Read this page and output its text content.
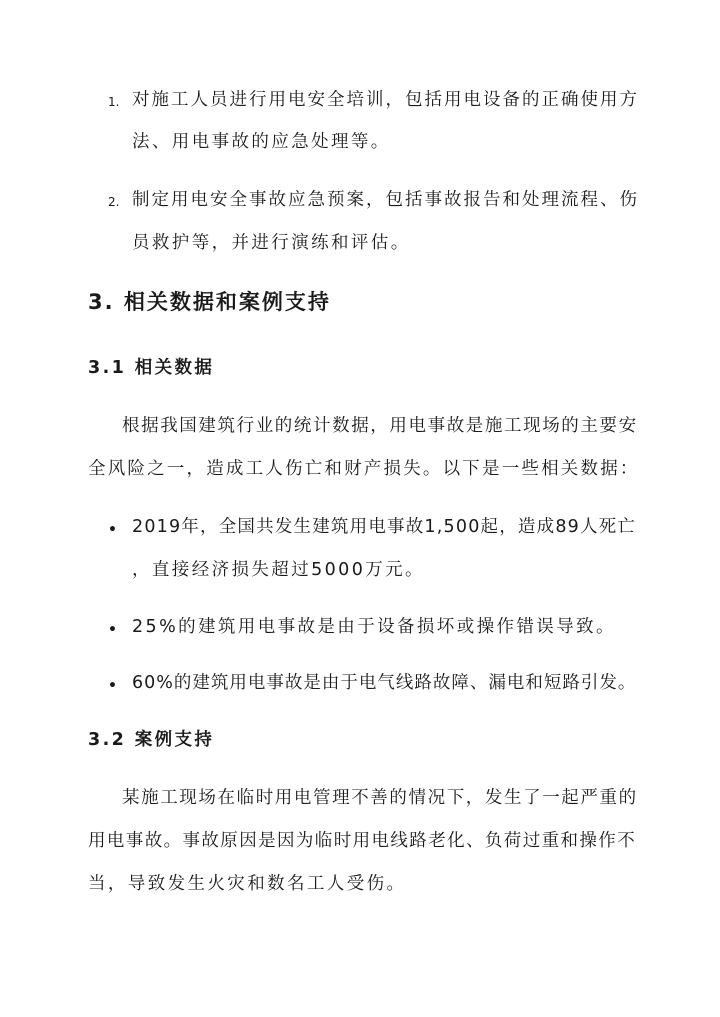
1. 对施工人员进行用电安全培训，包括用电设备的正确使用方
法、用电事故的应急处理等。
2. 制定用电安全事故应急预案，包括事故报告和处理流程、伤
员救护等，并进行演练和评估。
3. 相关数据和案例支持
3.1 相关数据
根据我国建筑行业的统计数据，用电事故是施工现场的主要安
全风险之一，造成工人伤亡和财产损失。以下是一些相关数据：
• 2019年，全国共发生建筑用电事故1,500起，造成89人死亡
，直接经济损失超过5000万元。
• 25%的建筑用电事故是由于设备损坏或操作错误导致。
• 60%的建筑用电事故是由于电气线路故障、漏电和短路引发。
3.2 案例支持
某施工现场在临时用电管理不善的情况下，发生了一起严重的
用电事故。事故原因是因为临时用电线路老化、负荷过重和操作不
当，导致发生火灾和数名工人受伤。
